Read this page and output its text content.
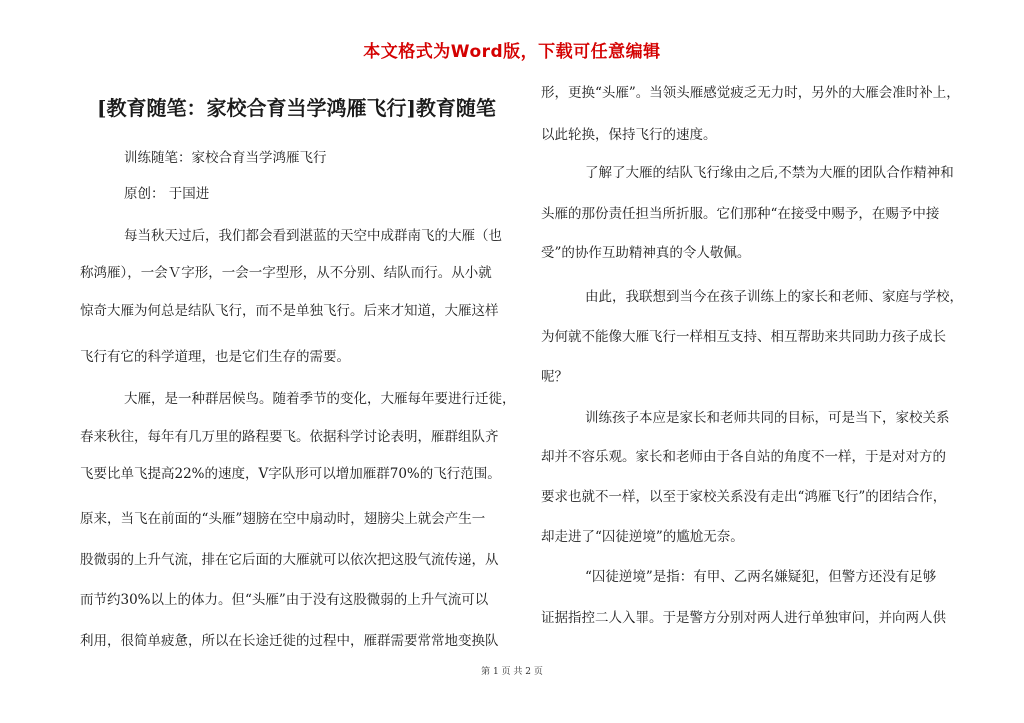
本文格式为Word版，下载可任意编辑
[教育随笔：家校合育当学鸿雁飞行]教育随笔
训练随笔：家校合育当学鸿雁飞行
原创： 于国进
每当秋天过后，我们都会看到湛蓝的天空中成群南飞的大雁（也
称鸿雁），一会Ｖ字形，一会一字型形，从不分别、结队而行。从小就
惊奇大雁为何总是结队飞行，而不是单独飞行。后来才知道，大雁这样
飞行有它的科学道理，也是它们生存的需要。
大雁，是一种群居候鸟。随着季节的变化，大雁每年要进行迁徙，
春来秋往，每年有几万里的路程要飞。依据科学讨论表明，雁群组队齐
飞要比单飞提高22%的速度，V字队形可以增加雁群70%的飞行范围。
原来，当飞在前面的“头雁”翅膀在空中扇动时，翅膀尖上就会产生一
股微弱的上升气流，排在它后面的大雁就可以依次把这股气流传递，从
而节约30%以上的体力。但“头雁”由于没有这股微弱的上升气流可以
利用，很简单疲惫，所以在长途迁徙的过程中，雁群需要常常地变换队
形，更换“头雁”。当领头雁感觉疲乏无力时，另外的大雁会准时补上，
以此轮换，保持飞行的速度。
了解了大雁的结队飞行缘由之后,不禁为大雁的团队合作精神和
头雁的那份责任担当所折服。它们那种“在接受中赐予，在赐予中接
受”的协作互助精神真的令人敬佩。
由此，我联想到当今在孩子训练上的家长和老师、家庭与学校，
为何就不能像大雁飞行一样相互支持、相互帮助来共同助力孩子成长
呢？
训练孩子本应是家长和老师共同的目标，可是当下，家校关系
却并不容乐观。家长和老师由于各自站的角度不一样，于是对对方的
要求也就不一样，以至于家校关系没有走出“鸿雁飞行”的团结合作，
却走进了“囚徒逆境”的尴尬无奈。
“囚徒逆境”是指：有甲、乙两名嫌疑犯，但警方还没有足够
证据指控二人入罪。于是警方分别对两人进行单独审问，并向两人供
第 1 页 共 2 页
